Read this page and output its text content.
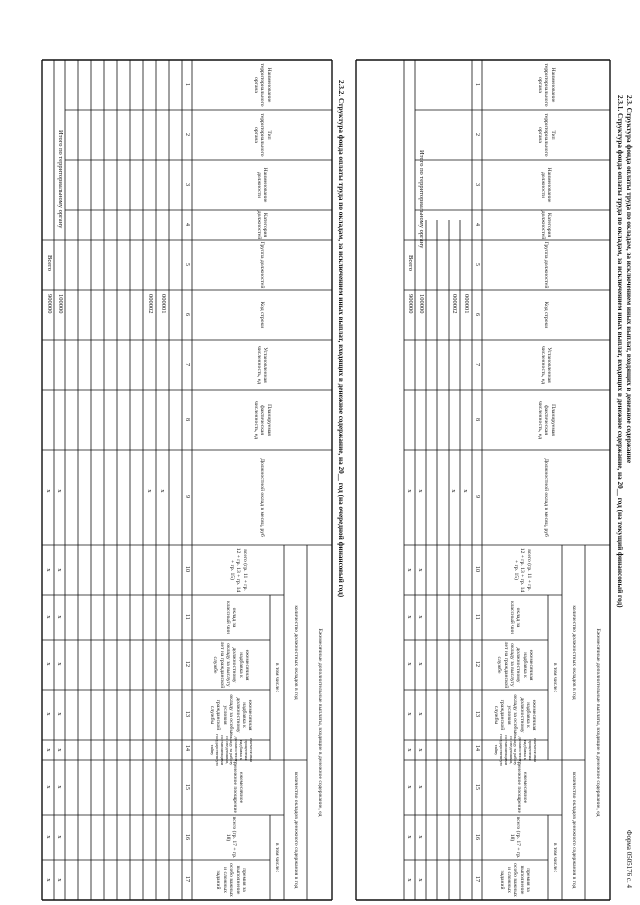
2.3. Структура фонда оплаты труда по окладам, за исключением иных выплат, входящих в денежное содержание
2.3.1. Структура фонда оплаты труда по окладам, за исключением иных выплат, входящих в денежное содержание, на 20__ год (на текущий финансовый год)
Форма 0505176 с. 4
Наименование территориального органа
Тип территориального органа
Наименование должности
Категория должностей
Группа должностей
Код строки
Установленная численность, ед
Планируемая фактическая численность, ед
Должностной оклад в месяц, руб
Ежемесячные дополнительные выплаты, входящие в денежное содержание, ед
количество должностных окладов в год
количество окладов денежного содержания в год
в том числе:
в том числе:
всего (гр. 11 + гр. 12 + гр. 13 + гр. 14 + гр. 15)
оклад за классный чин
ежемесячная надбавка к должностному окладу за выслугу лет на гражданской службе
ежемесячная надбавка к должностному окладу за особые условия гражданской службы
ежемесячная процентная надбавка к должностному окладу за работу со сведениями, составляющими государственную тайну
ежемесячное денежное поощрение
всего (гр. 17 + гр. 18)
премия за выполнение особо важных и сложных заданий
1
2
3
4
5
6
7
8
9
10
11
12
13
14
15
16
17
000001
000002
100000
900000
Итого по территориальному органу
Всего
x
x
x
x
x
x
x
x
x
x
x
x
x
x
x
x
x
x
x
x
2.3.2. Структура фонда оплаты труда по окладам, за исключением иных выплат, входящих в денежное содержание, на 20__ год (на очередной финансовый год)
Наименование территориального органа
Тип территориального органа
Наименование должности
Категория должностей
Группа должностей
Код строки
Установленная численность, ед
Планируемая фактическая численность, ед
Должностной оклад в месяц, руб
Ежемесячные дополнительные выплаты, входящие в денежное содержание, ед
количество должностных окладов в год
количество окладов денежного содержания в год
в том числе:
в том числе:
всего (гр. 11 + гр. 12 + гр. 13 + гр. 14 + гр. 15)
оклад за классный чин
ежемесячная надбавка к должностному окладу за выслугу лет на гражданской службе
ежемесячная надбавка к должностному окладу за особые условия гражданской службы
ежемесячная процентная надбавка к должностному окладу за работу со сведениями, составляющими государственную тайну
ежемесячное денежное поощрение
всего (гр. 17 + гр. 18)
премия за выполнение особо важных и сложных заданий
1
2
3
4
5
6
7
8
9
10
11
12
13
14
15
16
17
000001
000002
100000
900000
Итого по территориальному органу
Всего
x
x
x
x
x
x
x
x
x
x
x
x
x
x
x
x
x
x
x
x
